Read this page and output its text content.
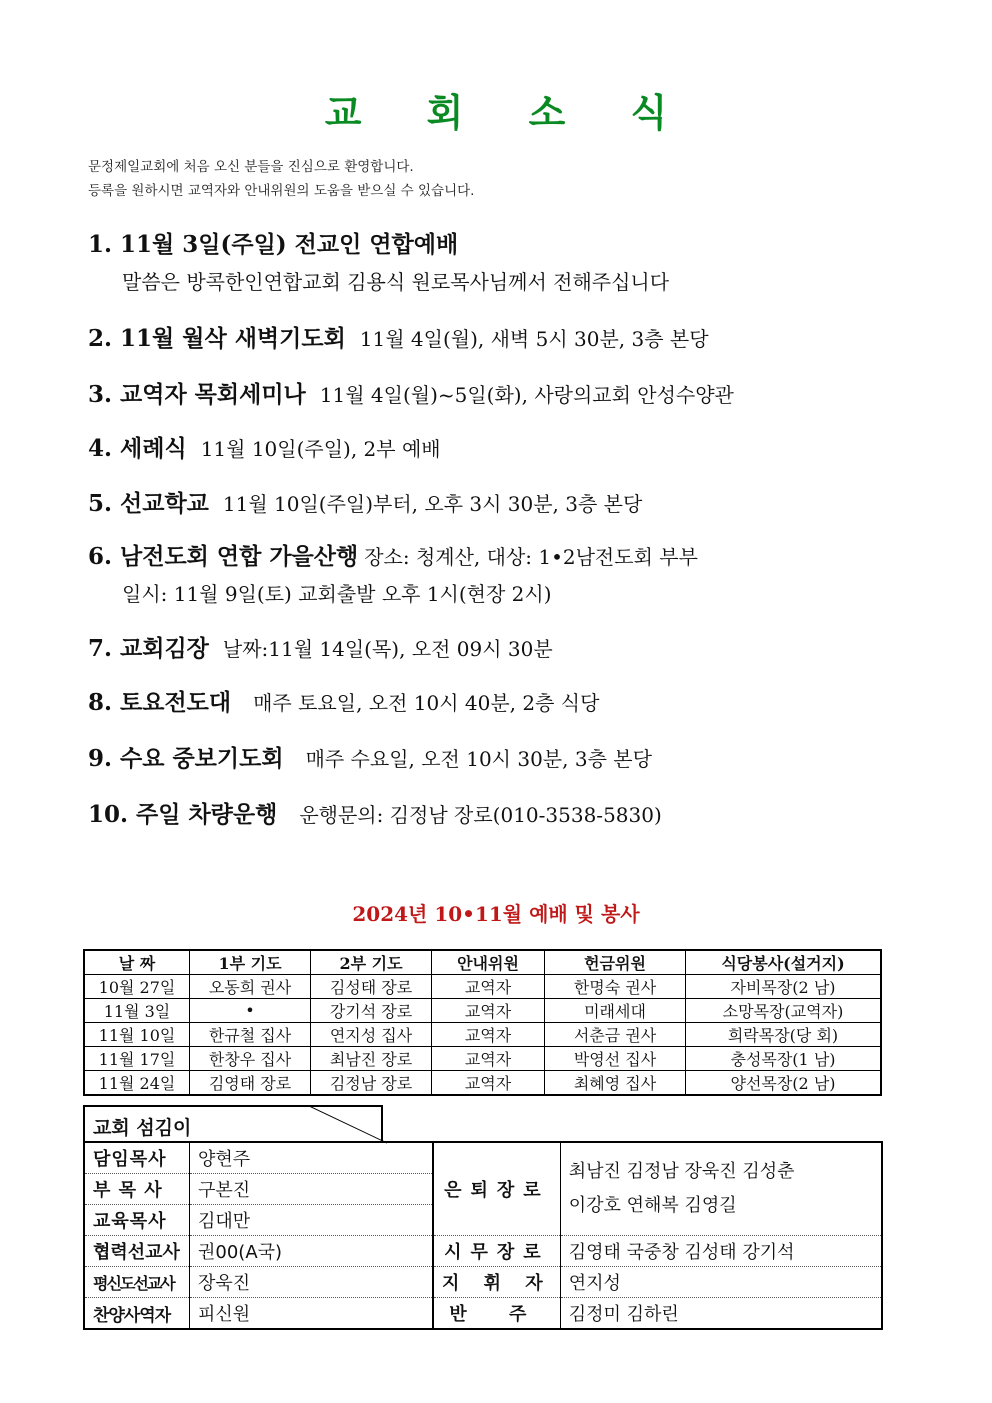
교 회 소 식
문정제일교회에 처음 오신 분들을 진심으로 환영합니다.
등록을 원하시면 교역자와 안내위원의 도움을 받으실 수 있습니다.
1. 11월 3일(주일) 전교인 연합예배
말씀은 방콕한인연합교회 김용식 원로목사님께서 전해주십니다
2. 11월 월삭 새벽기도회 11월 4일(월), 새벽 5시 30분, 3층 본당
3. 교역자 목회세미나 11월 4일(월)~5일(화), 사랑의교회 안성수양관
4. 세례식 11월 10일(주일), 2부 예배
5. 선교학교 11월 10일(주일)부터, 오후 3시 30분, 3층 본당
6. 남전도회 연합 가을산행 장소: 청계산, 대상: 1•2남전도회 부부
일시: 11월 9일(토) 교회출발 오후 1시(현장 2시)
7. 교회김장 날짜:11월 14일(목), 오전 09시 30분
8. 토요전도대 매주 토요일, 오전 10시 40분, 2층 식당
9. 수요 중보기도회 매주 수요일, 오전 10시 30분, 3층 본당
10. 주일 차량운행 운행문의: 김정남 장로(010-3538-5830)
2024년 10•11월 예배 및 봉사
날 짜	1부 기도	2부 기도	안내위원	헌금위원	식당봉사(설거지)
10월 27일	오동희 권사	김성태 장로	교역자	한명숙 권사	자비목장(2 남)
11월 3일	•	강기석 장로	교역자	미래세대	소망목장(교역자)
11월 10일	한규철 집사	연지성 집사	교역자	서춘금 권사	희락목장(당 회)
11월 17일	한창우 집사	최남진 장로	교역자	박영선 집사	충성목장(1 남)
11월 24일	김영태 장로	김정남 장로	교역자	최혜영 집사	양선목장(2 남)
교회 섬김이
담임목사	양현주	은퇴장로	최남진 김정남 장욱진 김성춘
이강호 연해복 김영길

부 목 사	구본진		
교육목사	김대만		
협력선교사	권00(A국)	시무장로	김영태 국중창 김성태 강기석
평신도선교사	장욱진	지 휘 자	연지성
찬양사역자	피신원	반 주	김정미 김하린
